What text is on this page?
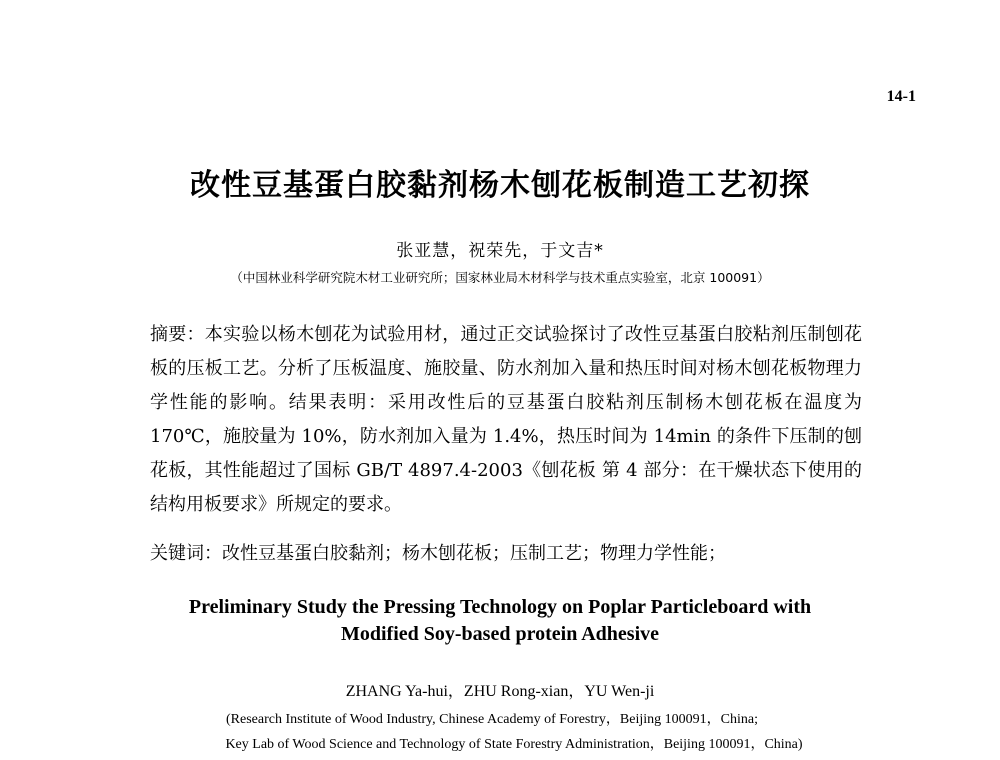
14-1
改性豆基蛋白胶黏剂杨木刨花板制造工艺初探
张亚慧，祝荣先，于文吉*
（中国林业科学研究院木材工业研究所；国家林业局木材科学与技术重点实验室，北京 100091）

摘要：本实验以杨木刨花为试验用材，通过正交试验探讨了改性豆基蛋白胶粘剂压制刨花板的压板工艺。分析了压板温度、施胶量、防水剂加入量和热压时间对杨木刨花板物理力学性能的影响。结果表明：采用改性后的豆基蛋白胶粘剂压制杨木刨花板在温度为 170℃，施胶量为 10%，防水剂加入量为 1.4%，热压时间为 14min 的条件下压制的刨花板，其性能超过了国标 GB/T 4897.4-2003《刨花板 第 4 部分：在干燥状态下使用的结构用板要求》所规定的要求。

关键词：改性豆基蛋白胶黏剂；杨木刨花板；压制工艺；物理力学性能；
Preliminary Study the Pressing Technology on Poplar Particleboard with
Modified Soy-based protein Adhesive
ZHANG Ya-hui，ZHU Rong-xian，YU Wen-ji
(Research Institute of Wood Industry, Chinese Academy of Forestry，Beijing 100091，China;
Key Lab of Wood Science and Technology of State Forestry Administration，Beijing 100091，China)
